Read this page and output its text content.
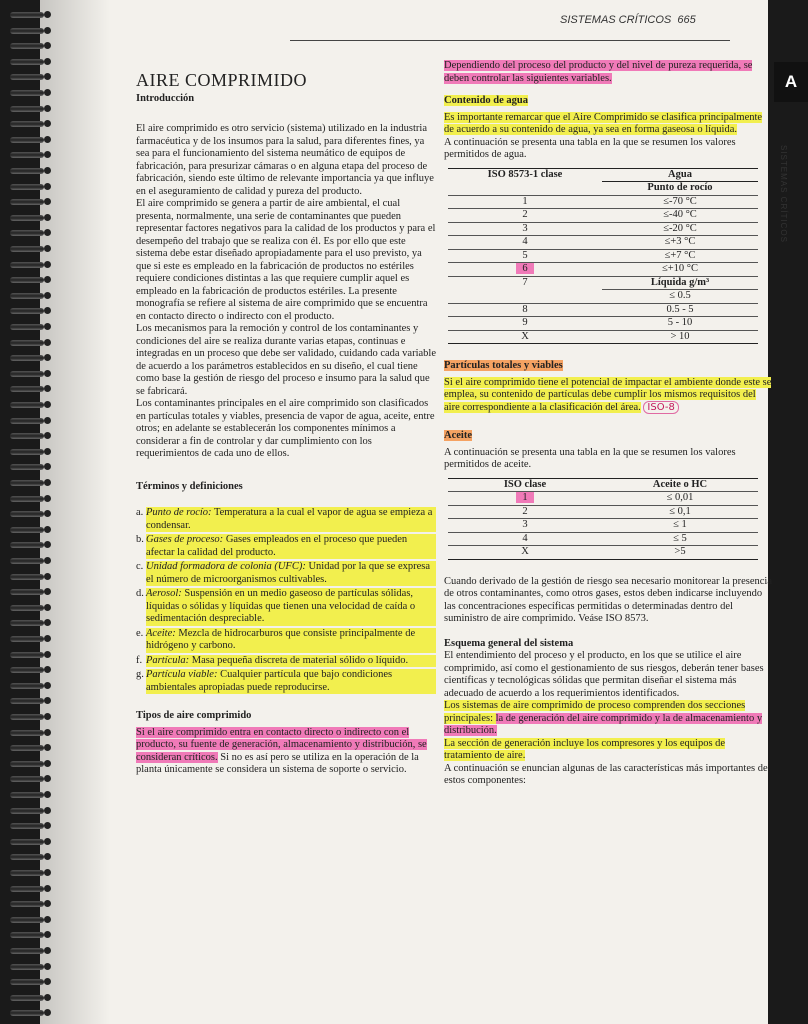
SISTEMAS CRÍTICOS 665
A
SISTEMAS CRÍTICOS
AIRE COMPRIMIDO
Introducción

El aire comprimido es otro servicio (sistema) utilizado en la industria farmacéutica y de los insumos para la salud, para diferentes fines, ya sea para el funcionamiento del sistema neumático de equipos de fabricación, para presurizar cámaras o en alguna etapa del proceso de fabricación, siendo este último de relevante importancia ya que influye en el aseguramiento de calidad y pureza del producto.

El aire comprimido se genera a partir de aire ambiental, el cual presenta, normalmente, una serie de contaminantes que pueden representar factores negativos para la calidad de los productos y para el desempeño del trabajo que se realiza con él. Es por ello que este sistema debe estar diseñado apropiadamente para el uso previsto, ya que si este es empleado en la fabricación de productos no estériles requiere condiciones distintas a las que requiere cumplir aquel es empleado en la fabricación de productos estériles. La presente monografía se refiere al sistema de aire comprimido que se encuentra en contacto directo o indirecto con el producto.

Los mecanismos para la remoción y control de los contaminantes y condiciones del aire se realiza durante varias etapas, continuas e integradas en un proceso que debe ser validado, cuidando cada variable de acuerdo a los parámetros establecidos en su diseño, el cual tiene como base la gestión de riesgo del proceso e insumo para la salud que se fabricará.

Los contaminantes principales en el aire comprimido son clasificados en partículas totales y viables, presencia de vapor de agua, aceite, entre otros; en adelante se establecerán los componentes mínimos a considerar a fin de controlar y dar cumplimiento con los requerimientos de cada uno de ellos.

Términos y definiciones
a. Punto de rocío: Temperatura a la cual el vapor de agua se empieza a condensar.
b. Gases de proceso: Gases empleados en el proceso que pueden afectar la calidad del producto.
c. Unidad formadora de colonia (UFC): Unidad por la que se expresa el número de microorganismos cultivables.
d. Aerosol: Suspensión en un medio gaseoso de partículas sólidas, líquidas o sólidas y líquidas que tienen una velocidad de caída o sedimentación despreciable.
e. Aceite: Mezcla de hidrocarburos que consiste principalmente de hidrógeno y carbono.
f. Partícula: Masa pequeña discreta de material sólido o líquido.
g. Partícula viable: Cualquier partícula que bajo condiciones ambientales apropiadas puede reproducirse.
Tipos de aire comprimido

Si el aire comprimido entra en contacto directo o indirecto con el producto, su fuente de generación, almacenamiento y distribución, se consideran críticos. Si no es así pero se utiliza en la operación de la planta únicamente se considera un sistema de soporte o servicio.

Dependiendo del proceso del producto y del nivel de pureza requerida, se deben controlar las siguientes variables.

Contenido de agua

Es importante remarcar que el Aire Comprimido se clasifica principalmente de acuerdo a su contenido de agua, ya sea en forma gaseosa o líquida.

A continuación se presenta una tabla en la que se resumen los valores permitidos de agua.

ISO 8573-1 clase	Agua
	Punto de rocío
1	≤-70 °C
2	≤-40 °C
3	≤-20 °C
4	≤+3 °C
5	≤+7 °C
6	≤+10 °C
7	Líquida g/m³
	≤ 0.5
8	0.5 - 5
9	5 - 10
X	> 10
Partículas totales y viables

Si el aire comprimido tiene el potencial de impactar el ambiente donde este se emplea, su contenido de partículas debe cumplir los mismos requisitos del aire correspondiente a la clasificación del área. ISO-8

Aceite

A continuación se presenta una tabla en la que se resumen los valores permitidos de aceite.

ISO clase	Aceite o HC
1	≤ 0,01
2	≤ 0,1
3	≤ 1
4	≤ 5
X	>5

Cuando derivado de la gestión de riesgo sea necesario monitorear la presencia de otros contaminantes, como otros gases, estos deben indicarse incluyendo las concentraciones específicas permitidas o determinadas dentro del suministro de aire comprimido. Veáse ISO 8573.

Esquema general del sistema

El entendimiento del proceso y el producto, en los que se utilice el aire comprimido, así como el gestionamiento de sus riesgos, deberán tener bases científicas y tecnológicas sólidas que permitan diseñar el sistema más adecuado de acuerdo a los requerimientos identificados.

Los sistemas de aire comprimido de proceso comprenden dos secciones principales: la de generación del aire comprimido y la de almacenamiento y distribución.

La sección de generación incluye los compresores y los equipos de tratamiento de aire.

A continuación se enuncian algunas de las características más importantes de estos componentes:
